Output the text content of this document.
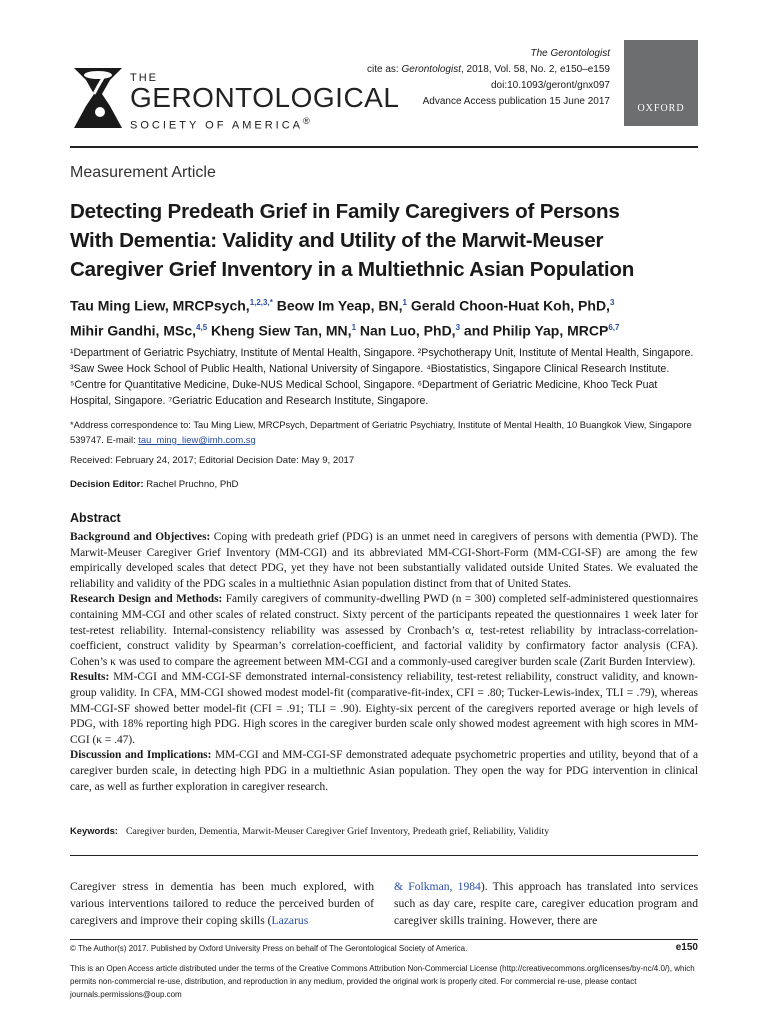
THE
GERONTOLOGICAL
SOCIETY OF AMERICA®
The Gerontologist
cite as: Gerontologist, 2018, Vol. 58, No. 2, e150–e159
doi:10.1093/geront/gnx097
Advance Access publication 15 June 2017
OXFORD
Measurement Article
Detecting Predeath Grief in Family Caregivers of Persons
With Dementia: Validity and Utility of the Marwit-Meuser
Caregiver Grief Inventory in a Multiethnic Asian Population
Tau Ming Liew, MRCPsych,$^{1,2,3,*}$ Beow Im Yeap, BN,$^1$ Gerald Choon-Huat Koh, PhD,$^3$
Mihir Gandhi, MSc,$^{4,5}$ Kheng Siew Tan, MN,$^1$ Nan Luo, PhD,$^3$ and Philip Yap, MRCP$^{6,7}$
¹Department of Geriatric Psychiatry, Institute of Mental Health, Singapore. ²Psychotherapy Unit, Institute of Mental Health, Singapore. ³Saw Swee Hock School of Public Health, National University of Singapore. ⁴Biostatistics, Singapore Clinical Research Institute. ⁵Centre for Quantitative Medicine, Duke-NUS Medical School, Singapore. ⁶Department of Geriatric Medicine, Khoo Teck Puat Hospital, Singapore. ⁷Geriatric Education and Research Institute, Singapore.
*Address correspondence to: Tau Ming Liew, MRCPsych, Department of Geriatric Psychiatry, Institute of Mental Health, 10 Buangkok View, Singapore 539747. E-mail: tau_ming_liew@imh.com.sg
Received: February 24, 2017; Editorial Decision Date: May 9, 2017
Decision Editor: Rachel Pruchno, PhD
Abstract
Background and Objectives: Coping with predeath grief (PDG) is an unmet need in caregivers of persons with dementia (PWD). The Marwit-Meuser Caregiver Grief Inventory (MM-CGI) and its abbreviated MM-CGI-Short-Form (MM-CGI-SF) are among the few empirically developed scales that detect PDG, yet they have not been substantially validated outside United States. We evaluated the reliability and validity of the PDG scales in a multiethnic Asian population distinct from that of United States.
Research Design and Methods: Family caregivers of community-dwelling PWD (n = 300) completed self-administered questionnaires containing MM-CGI and other scales of related construct. Sixty percent of the participants repeated the questionnaires 1 week later for test-retest reliability. Internal-consistency reliability was assessed by Cronbach’s α, test-retest reliability by intraclass-correlation-coefficient, construct validity by Spearman’s correlation-coefficient, and factorial validity by confirmatory factor analysis (CFA). Cohen’s κ was used to compare the agreement between MM-CGI and a commonly-used caregiver burden scale (Zarit Burden Interview).
Results: MM-CGI and MM-CGI-SF demonstrated internal-consistency reliability, test-retest reliability, construct validity, and known-group validity. In CFA, MM-CGI showed modest model-fit (comparative-fit-index, CFI = .80; Tucker-Lewis-index, TLI = .79), whereas MM-CGI-SF showed better model-fit (CFI = .91; TLI = .90). Eighty-six percent of the caregivers reported average or high levels of PDG, with 18% reporting high PDG. High scores in the caregiver burden scale only showed modest agreement with high scores in MM-CGI (κ = .47).
Discussion and Implications: MM-CGI and MM-CGI-SF demonstrated adequate psychometric properties and utility, beyond that of a caregiver burden scale, in detecting high PDG in a multiethnic Asian population. They open the way for PDG intervention in clinical care, as well as further exploration in caregiver research.
Keywords: Caregiver burden, Dementia, Marwit-Meuser Caregiver Grief Inventory, Predeath grief, Reliability, Validity
Caregiver stress in dementia has been much explored, with various interventions tailored to reduce the perceived burden of caregivers and improve their coping skills (Lazarus
& Folkman, 1984). This approach has translated into services such as day care, respite care, caregiver education program and caregiver skills training. However, there are
© The Author(s) 2017. Published by Oxford University Press on behalf of The Gerontological Society of America.	e150
This is an Open Access article distributed under the terms of the Creative Commons Attribution Non-Commercial License (http://creativecommons.org/licenses/by-nc/4.0/), which permits non-commercial re-use, distribution, and reproduction in any medium, provided the original work is properly cited. For commercial re-use, please contact journals.permissions@oup.com
